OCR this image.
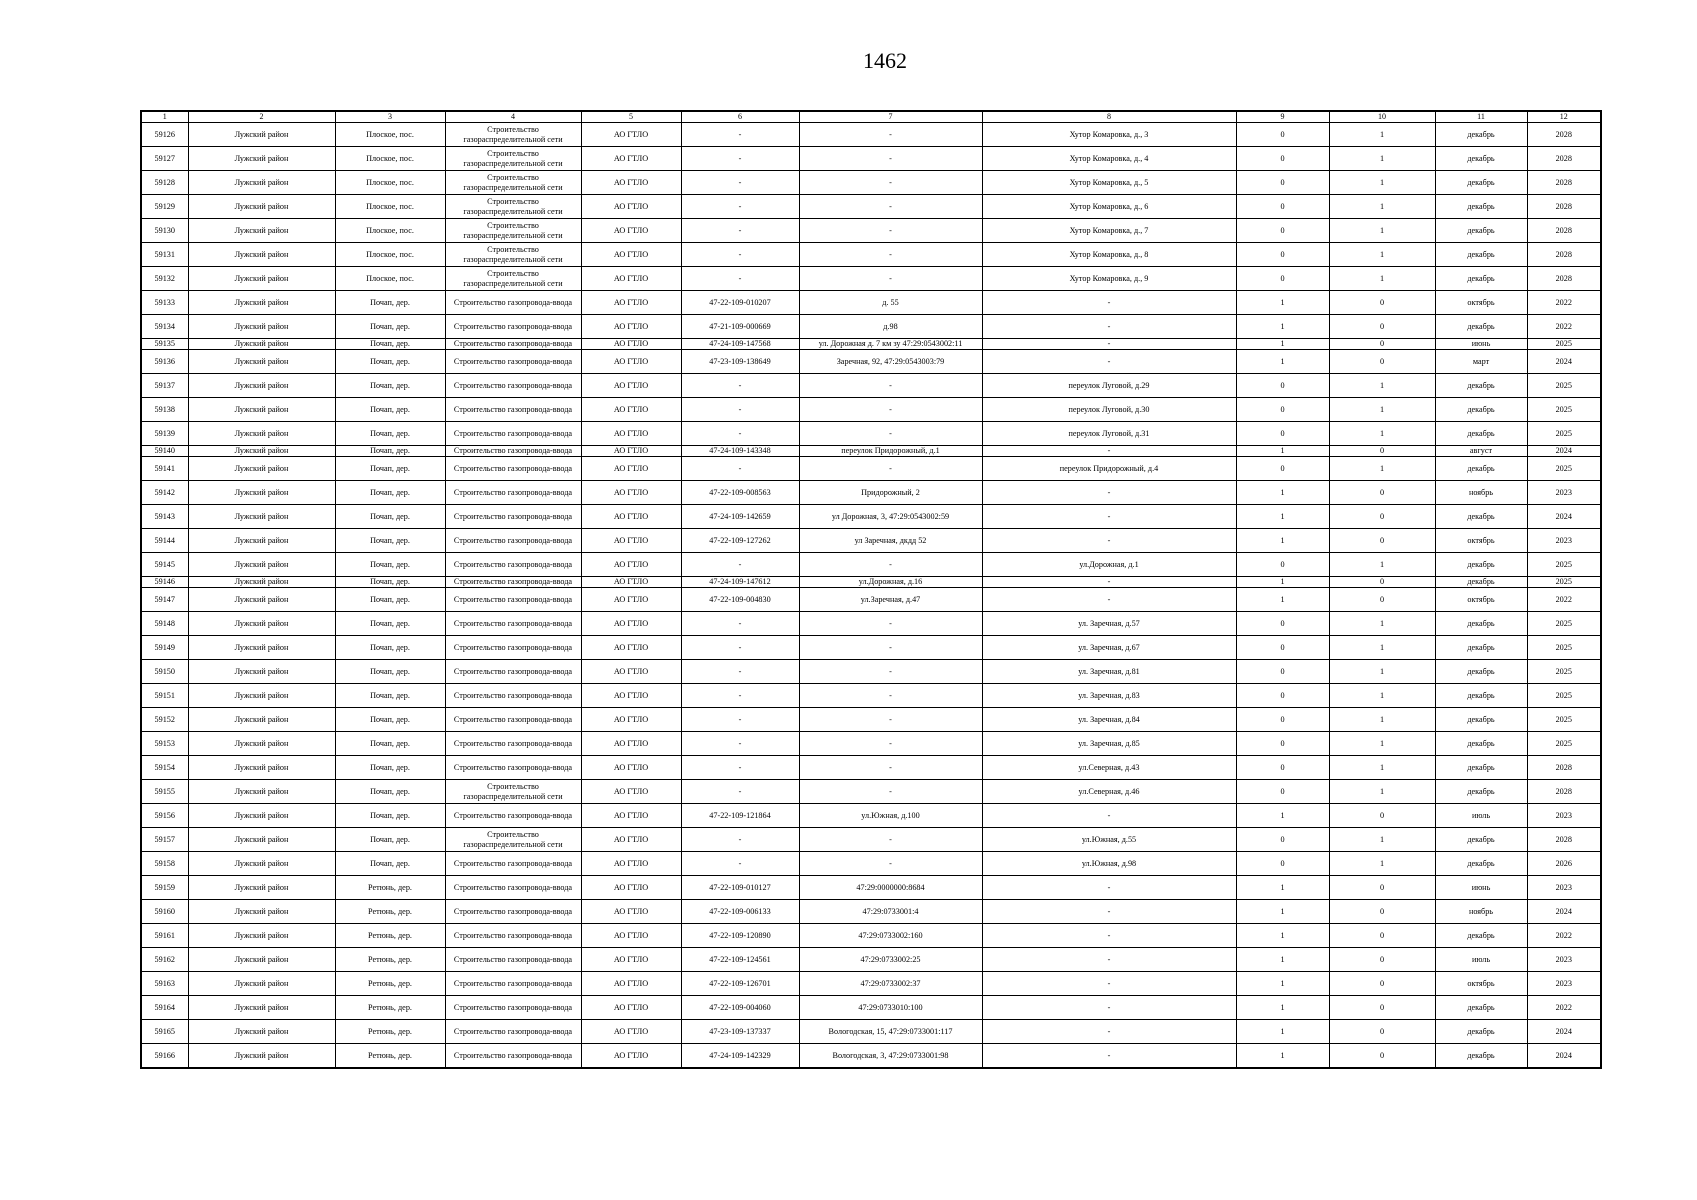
1462
1	2	3	4	5	6	7	8	9	10	11	12
59126	Лужский район	Плоское, пос.	Строительство газораспределительной сети	АО ГТЛО	-	-	Хутор Комаровка, д., 3	0	1	декабрь	2028
59127	Лужский район	Плоское, пос.	Строительство газораспределительной сети	АО ГТЛО	-	-	Хутор Комаровка, д., 4	0	1	декабрь	2028
59128	Лужский район	Плоское, пос.	Строительство газораспределительной сети	АО ГТЛО	-	-	Хутор Комаровка, д., 5	0	1	декабрь	2028
59129	Лужский район	Плоское, пос.	Строительство газораспределительной сети	АО ГТЛО	-	-	Хутор Комаровка, д., 6	0	1	декабрь	2028
59130	Лужский район	Плоское, пос.	Строительство газораспределительной сети	АО ГТЛО	-	-	Хутор Комаровка, д., 7	0	1	декабрь	2028
59131	Лужский район	Плоское, пос.	Строительство газораспределительной сети	АО ГТЛО	-	-	Хутор Комаровка, д., 8	0	1	декабрь	2028
59132	Лужский район	Плоское, пос.	Строительство газораспределительной сети	АО ГТЛО	-	-	Хутор Комаровка, д., 9	0	1	декабрь	2028
59133	Лужский район	Почап, дер.	Строительство газопровода-ввода	АО ГТЛО	47-22-109-010207	д. 55	-	1	0	октябрь	2022
59134	Лужский район	Почап, дер.	Строительство газопровода-ввода	АО ГТЛО	47-21-109-000669	д.98	-	1	0	декабрь	2022
59135	Лужский район	Почап, дер.	Строительство газопровода-ввода	АО ГТЛО	47-24-109-147568	ул. Дорожная д. 7 км зу 47:29:0543002:11	-	1	0	июнь	2025
59136	Лужский район	Почап, дер.	Строительство газопровода-ввода	АО ГТЛО	47-23-109-138649	Заречная, 92, 47:29:0543003:79	-	1	0	март	2024
59137	Лужский район	Почап, дер.	Строительство газопровода-ввода	АО ГТЛО	-	-	переулок Луговой, д.29	0	1	декабрь	2025
59138	Лужский район	Почап, дер.	Строительство газопровода-ввода	АО ГТЛО	-	-	переулок Луговой, д.30	0	1	декабрь	2025
59139	Лужский район	Почап, дер.	Строительство газопровода-ввода	АО ГТЛО	-	-	переулок Луговой, д.31	0	1	декабрь	2025
59140	Лужский район	Почап, дер.	Строительство газопровода-ввода	АО ГТЛО	47-24-109-143348	переулок Придорожный, д.1	-	1	0	август	2024
59141	Лужский район	Почап, дер.	Строительство газопровода-ввода	АО ГТЛО	-	-	переулок Придорожный, д.4	0	1	декабрь	2025
59142	Лужский район	Почап, дер.	Строительство газопровода-ввода	АО ГТЛО	47-22-109-008563	Придорожный, 2	-	1	0	ноябрь	2023
59143	Лужский район	Почап, дер.	Строительство газопровода-ввода	АО ГТЛО	47-24-109-142659	ул Дорожная, 3, 47:29:0543002:59	-	1	0	декабрь	2024
59144	Лужский район	Почап, дер.	Строительство газопровода-ввода	АО ГТЛО	47-22-109-127262	ул Заречная, дкдд 52	-	1	0	октябрь	2023
59145	Лужский район	Почап, дер.	Строительство газопровода-ввода	АО ГТЛО	-	-	ул.Дорожная, д.1	0	1	декабрь	2025
59146	Лужский район	Почап, дер.	Строительство газопровода-ввода	АО ГТЛО	47-24-109-147612	ул.Дорожная, д.16	-	1	0	декабрь	2025
59147	Лужский район	Почап, дер.	Строительство газопровода-ввода	АО ГТЛО	47-22-109-004830	ул.Заречная, д.47	-	1	0	октябрь	2022
59148	Лужский район	Почап, дер.	Строительство газопровода-ввода	АО ГТЛО	-	-	ул. Заречная, д.57	0	1	декабрь	2025
59149	Лужский район	Почап, дер.	Строительство газопровода-ввода	АО ГТЛО	-	-	ул. Заречная, д.67	0	1	декабрь	2025
59150	Лужский район	Почап, дер.	Строительство газопровода-ввода	АО ГТЛО	-	-	ул. Заречная, д.81	0	1	декабрь	2025
59151	Лужский район	Почап, дер.	Строительство газопровода-ввода	АО ГТЛО	-	-	ул. Заречная, д.83	0	1	декабрь	2025
59152	Лужский район	Почап, дер.	Строительство газопровода-ввода	АО ГТЛО	-	-	ул. Заречная, д.84	0	1	декабрь	2025
59153	Лужский район	Почап, дер.	Строительство газопровода-ввода	АО ГТЛО	-	-	ул. Заречная, д.85	0	1	декабрь	2025
59154	Лужский район	Почап, дер.	Строительство газопровода-ввода	АО ГТЛО	-	-	ул.Северная, д.43	0	1	декабрь	2028
59155	Лужский район	Почап, дер.	Строительство газораспределительной сети	АО ГТЛО	-	-	ул.Северная, д.46	0	1	декабрь	2028
59156	Лужский район	Почап, дер.	Строительство газопровода-ввода	АО ГТЛО	47-22-109-121864	ул.Южная, д.100	-	1	0	июль	2023
59157	Лужский район	Почап, дер.	Строительство газораспределительной сети	АО ГТЛО	-	-	ул.Южная, д.55	0	1	декабрь	2028
59158	Лужский район	Почап, дер.	Строительство газопровода-ввода	АО ГТЛО	-	-	ул.Южная, д.98	0	1	декабрь	2026
59159	Лужский район	Ретюнь, дер.	Строительство газопровода-ввода	АО ГТЛО	47-22-109-010127	47:29:0000000:8684	-	1	0	июнь	2023
59160	Лужский район	Ретюнь, дер.	Строительство газопровода-ввода	АО ГТЛО	47-22-109-006133	47:29:0733001:4	-	1	0	ноябрь	2024
59161	Лужский район	Ретюнь, дер.	Строительство газопровода-ввода	АО ГТЛО	47-22-109-120890	47:29:0733002:160	-	1	0	декабрь	2022
59162	Лужский район	Ретюнь, дер.	Строительство газопровода-ввода	АО ГТЛО	47-22-109-124561	47:29:0733002:25	-	1	0	июль	2023
59163	Лужский район	Ретюнь, дер.	Строительство газопровода-ввода	АО ГТЛО	47-22-109-126701	47:29:0733002:37	-	1	0	октябрь	2023
59164	Лужский район	Ретюнь, дер.	Строительство газопровода-ввода	АО ГТЛО	47-22-109-004060	47:29:0733010:100	-	1	0	декабрь	2022
59165	Лужский район	Ретюнь, дер.	Строительство газопровода-ввода	АО ГТЛО	47-23-109-137337	Вологодская, 15, 47:29:0733001:117	-	1	0	декабрь	2024
59166	Лужский район	Ретюнь, дер.	Строительство газопровода-ввода	АО ГТЛО	47-24-109-142329	Вологодская, 3, 47:29:0733001:98	-	1	0	декабрь	2024
